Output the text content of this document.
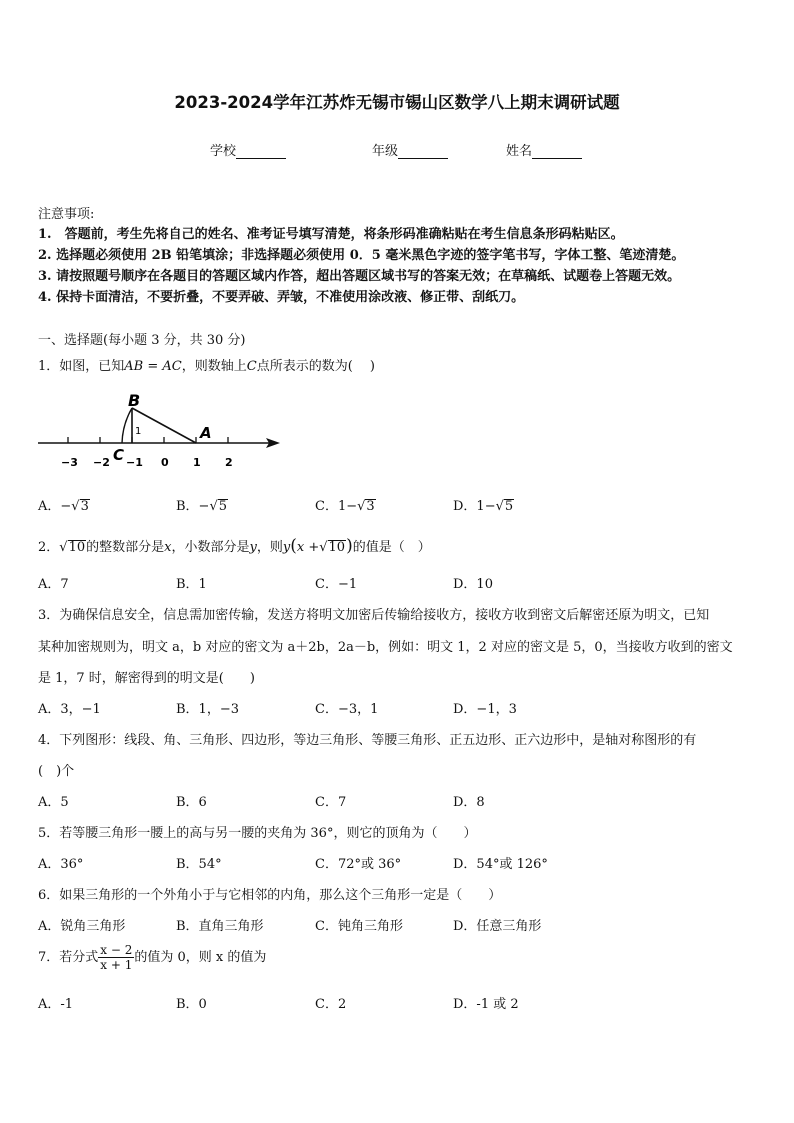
2023-2024学年江苏炸无锡市锡山区数学八上期末调研试题
学校	年级	姓名
注意事项:
1.　答题前，考生先将自己的姓名、准考证号填写清楚，将条形码准确粘贴在考生信息条形码粘贴区。
2. 选择题必须使用 2B 铅笔填涂；非选择题必须使用 0．5 毫米黑色字迹的签字笔书写，字体工整、笔迹清楚。
3. 请按照题号顺序在各题目的答题区域内作答，超出答题区域书写的答案无效；在草稿纸、试题卷上答题无效。
4. 保持卡面清洁，不要折叠，不要弄破、弄皱，不准使用涂改液、修正带、刮纸刀。
一、选择题(每小题 3 分，共 30 分)
1．如图，已知AB = AC，则数轴上C点所表示的数为(　 )
B
A
C
1
−3 −2 −1 0 1 2
A．−√3	B．−√5	C．1−√3	D．1−√5
2．√10的整数部分是x，小数部分是y，则y(x +√10)的值是（　）
A．7	B．1	C．−1	D．10
3．为确保信息安全，信息需加密传输，发送方将明文加密后传输给接收方，接收方收到密文后解密还原为明文，已知
某种加密规则为，明文 a，b 对应的密文为 a＋2b，2a－b，例如：明文 1，2 对应的密文是 5，0，当接收方收到的密文
是 1，7 时，解密得到的明文是(　　)
A．3，−1	B．1，−3	C．−3，1	D．−1，3
4．下列图形：线段、角、三角形、四边形，等边三角形、等腰三角形、正五边形、正六边形中，是轴对称图形的有
(　)个
A．5	B．6	C．7	D．8
5．若等腰三角形一腰上的高与另一腰的夹角为 36°，则它的顶角为（　　）
A．36°	B．54°	C．72°或 36°	D．54°或 126°
6．如果三角形的一个外角小于与它相邻的内角，那么这个三角形一定是（　　）
A．锐角三角形	B．直角三角形	C．钝角三角形	D．任意三角形
7．若分式 $\frac{x - 2}{x + 1}$ 的值为 0，则 x 的值为
A．-1	B．0	C．2	D．-1 或 2
